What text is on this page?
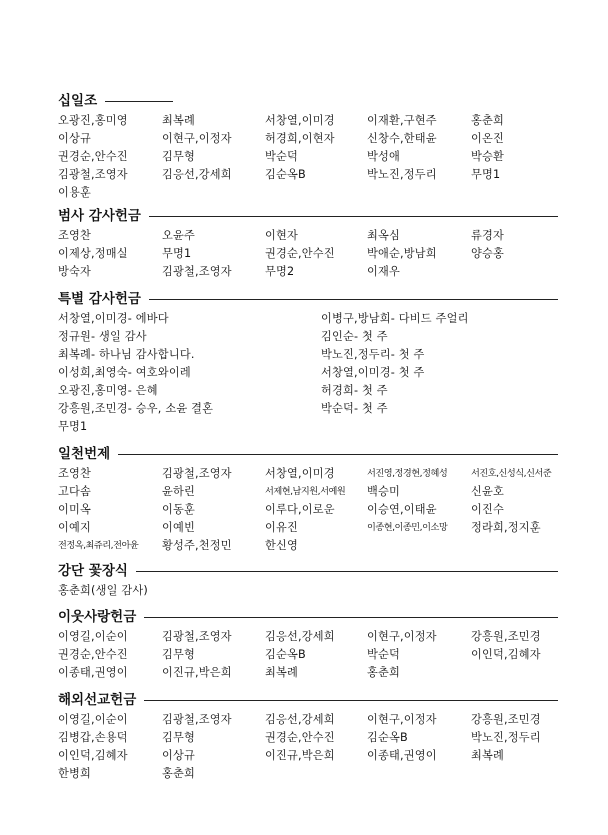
십일조
오광진,홍미영	최복례	서창열,이미경	이재환,구현주	홍춘희
이상규	이현구,이정자	허경희,이현자	신창수,한태윤	이온진
권경순,안수진	김무형	박순덕	박성애	박승환
김광철,조영자	김응선,강세희	김순옥B	박노진,정두리	무명1
이용훈
범사 감사헌금
조영찬	오윤주	이현자	최옥심	류경자
이제상,정매실	무명1	권경순,안수진	박애순,방남희	양승홍
방숙자	김광철,조영자	무명2	이재우
특별 감사헌금
서창열,이미경- 에바다	이병구,방남희- 다비드 주얼리
정규원- 생일 감사	김인순- 첫 주
최복례- 하나님 감사합니다.	박노진,정두리- 첫 주
이성희,최영숙- 여호와이레	서창열,이미경- 첫 주
오광진,홍미영- 은혜	허경희- 첫 주
강흥원,조민경- 승우, 소윤 결혼	박순덕- 첫 주
무명1
일천번제
조영찬	김광철,조영자	서창열,이미경	서진영,정경현,정혜성	서진호,신성식,신서준
고다솜	윤하린	서제현,남지원,서예원	백승미	신윤호
이미옥	이동훈	이루다,이로운	이승연,이태윤	이진수
이예지	이예빈	이유진	이종현,이종민,이소망	정라희,정지훈
전정옥,최쥬리,전아윤	황성주,천정민	한신영
강단 꽃장식
홍춘희(생일 감사)
이웃사랑헌금
이영길,이순이	김광철,조영자	김응선,강세희	이현구,이정자	강흥원,조민경
권경순,안수진	김무형	김순옥B	박순덕	이인덕,김혜자
이종태,권영이	이진규,박은희	최복례	홍춘희
해외선교헌금
이영길,이순이	김광철,조영자	김응선,강세희	이현구,이정자	강흥원,조민경
김병갑,손용덕	김무형	권경순,안수진	김순옥B	박노진,정두리
이인덕,김혜자	이상규	이진규,박은희	이종태,권영이	최복례
한병희	홍춘희
